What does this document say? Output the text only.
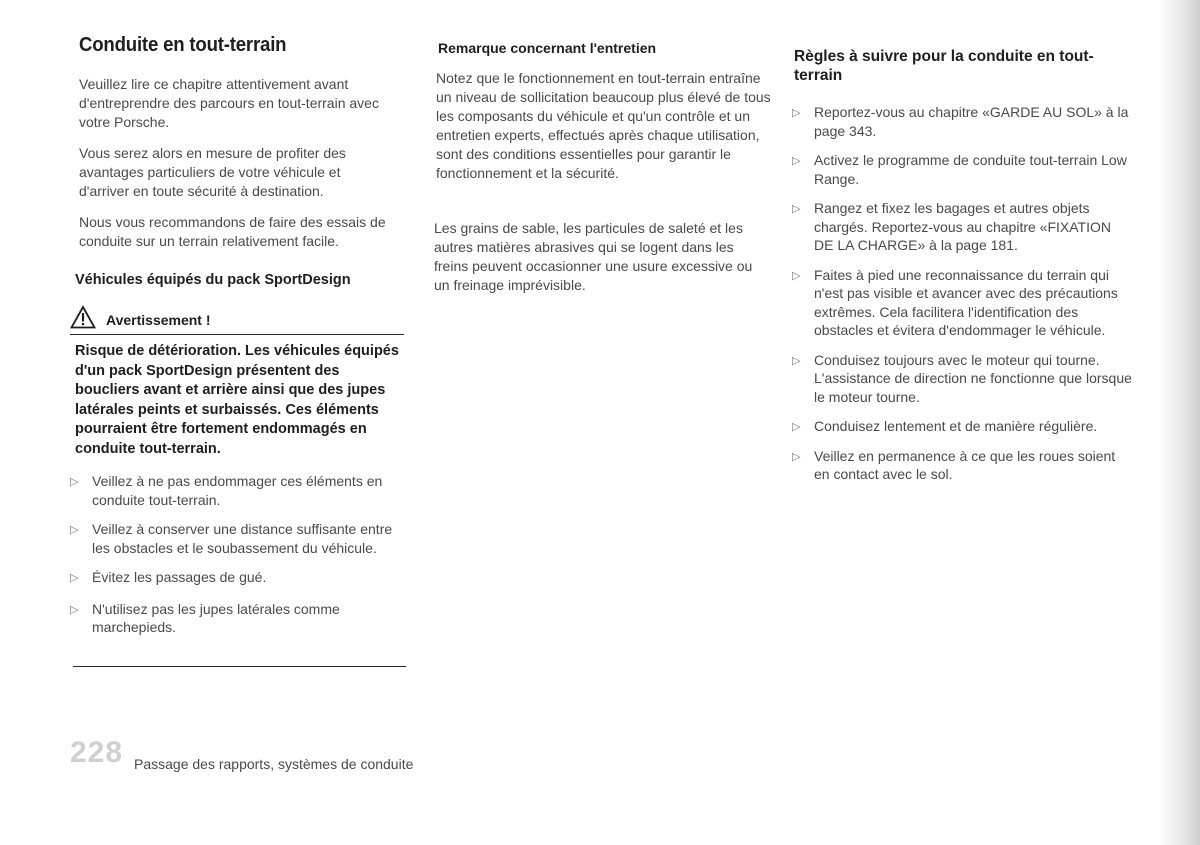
Conduite en tout-terrain

Veuillez lire ce chapitre attentivement avant d'entreprendre des parcours en tout-terrain avec votre Porsche.

Vous serez alors en mesure de profiter des avantages particuliers de votre véhicule et d'arriver en toute sécurité à destination.

Nous vous recommandons de faire des essais de conduite sur un terrain relativement facile.

Véhicules équipés du pack SportDesign
Avertissement !
Risque de détérioration. Les véhicules équipés d'un pack SportDesign présentent des boucliers avant et arrière ainsi que des jupes latérales peints et surbaissés. Ces éléments pourraient être fortement endommagés en conduite tout-terrain.
▷ Veillez à ne pas endommager ces éléments en conduite tout-terrain.
▷ Veillez à conserver une distance suffisante entre les obstacles et le soubassement du véhicule.
▷ Évitez les passages de gué.
▷ N'utilisez pas les jupes latérales comme marchepieds.
Remarque concernant l'entretien

Notez que le fonctionnement en tout-terrain entraîne un niveau de sollicitation beaucoup plus élevé de tous les composants du véhicule et qu'un contrôle et un entretien experts, effectués après chaque utilisation, sont des conditions essentielles pour garantir le fonctionnement et la sécurité.

Les grains de sable, les particules de saleté et les autres matières abrasives qui se logent dans les freins peuvent occasionner une usure excessive ou un freinage imprévisible.

Règles à suivre pour la conduite en tout-terrain
▷ Reportez-vous au chapitre «GARDE AU SOL» à la page 343.
▷ Activez le programme de conduite tout-terrain Low Range.
▷ Rangez et fixez les bagages et autres objets chargés. Reportez-vous au chapitre «FIXATION DE LA CHARGE» à la page 181.
▷ Faites à pied une reconnaissance du terrain qui n'est pas visible et avancer avec des précautions extrêmes. Cela facilitera l'identification des obstacles et évitera d'endommager le véhicule.
▷ Conduisez toujours avec le moteur qui tourne. L'assistance de direction ne fonctionne que lorsque le moteur tourne.
▷ Conduisez lentement et de manière régulière.
▷ Veillez en permanence à ce que les roues soient en contact avec le sol.
228 Passage des rapports, systèmes de conduite
